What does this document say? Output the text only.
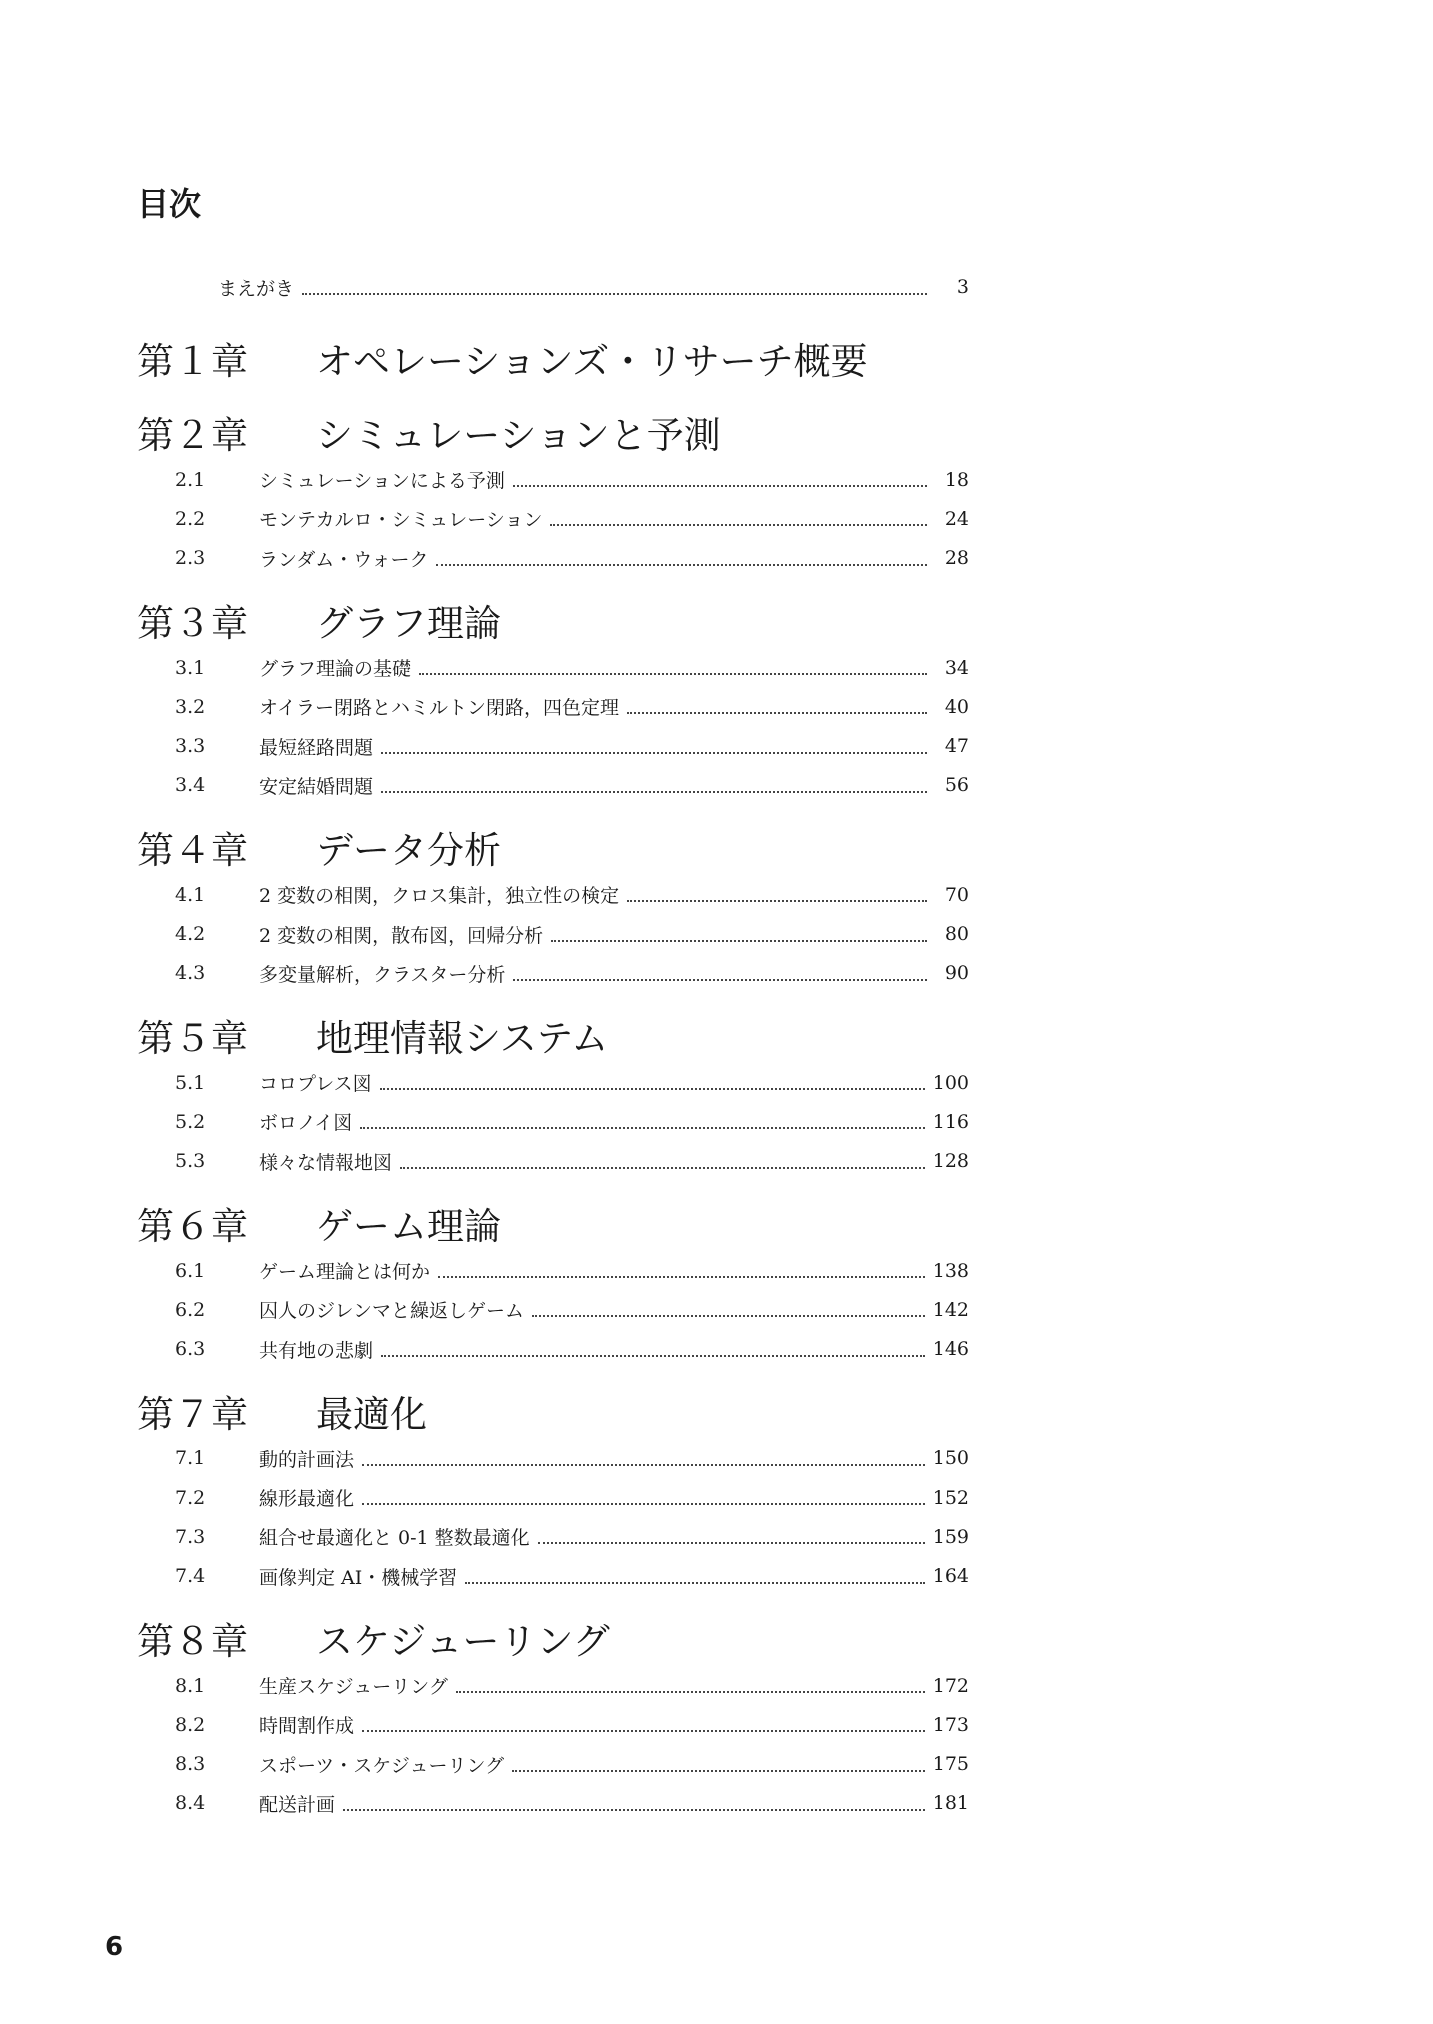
目次
まえがき	3
第１章	オペレーションズ・リサーチ概要
第２章	シミュレーションと予測
2.1	シミュレーションによる予測	18
2.2	モンテカルロ・シミュレーション	24
2.3	ランダム・ウォーク	28
第３章	グラフ理論
3.1	グラフ理論の基礎	34
3.2	オイラー閉路とハミルトン閉路，四色定理	40
3.3	最短経路問題	47
3.4	安定結婚問題	56
第４章	データ分析
4.1	2 変数の相関，クロス集計，独立性の検定	70
4.2	2 変数の相関，散布図，回帰分析	80
4.3	多変量解析，クラスター分析	90
第５章	地理情報システム
5.1	コロプレス図	100
5.2	ボロノイ図	116
5.3	様々な情報地図	128
第６章	ゲーム理論
6.1	ゲーム理論とは何か	138
6.2	囚人のジレンマと繰返しゲーム	142
6.3	共有地の悲劇	146
第７章	最適化
7.1	動的計画法	150
7.2	線形最適化	152
7.3	組合せ最適化と 0-1 整数最適化	159
7.4	画像判定 AI・機械学習	164
第８章	スケジューリング
8.1	生産スケジューリング	172
8.2	時間割作成	173
8.3	スポーツ・スケジューリング	175
8.4	配送計画	181
6
